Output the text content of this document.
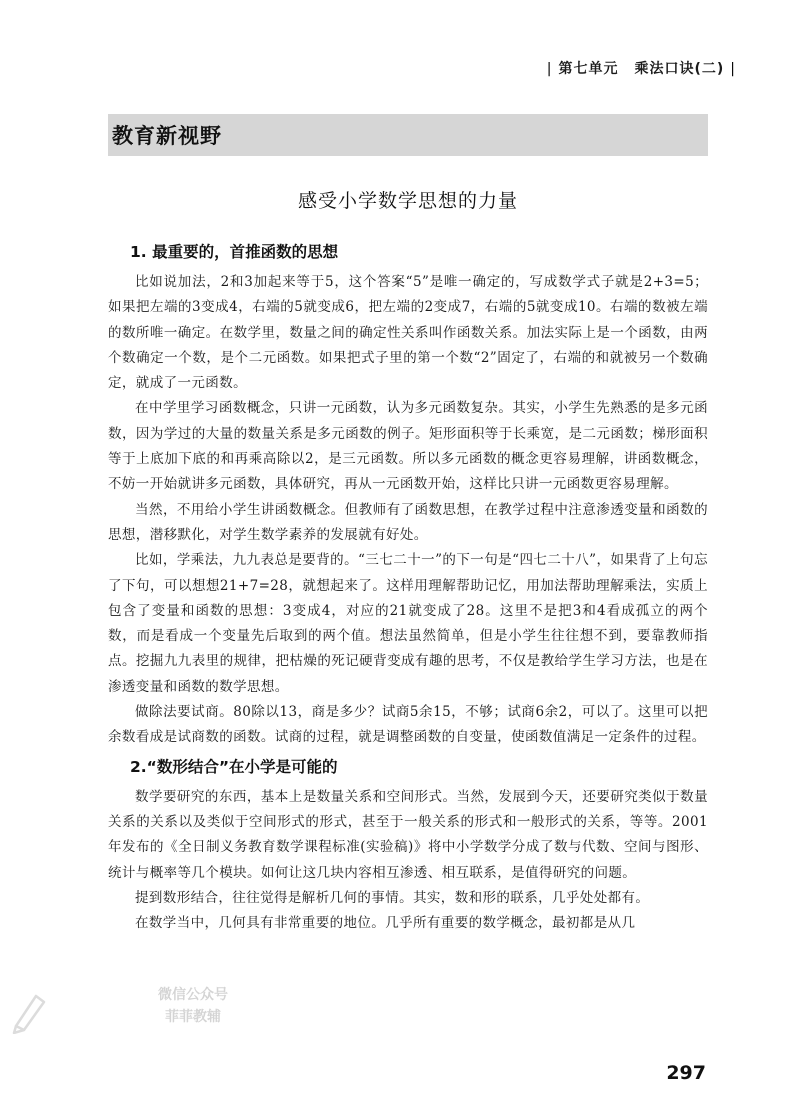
| 第七单元 乘法口诀(二) |
教育新视野
感受小学数学思想的力量
1. 最重要的，首推函数的思想

比如说加法，2和3加起来等于5，这个答案“5”是唯一确定的，写成数学式子就是2+3=5；如果把左端的3变成4，右端的5就变成6，把左端的2变成7，右端的5就变成10。右端的数被左端的数所唯一确定。在数学里，数量之间的确定性关系叫作函数关系。加法实际上是一个函数，由两个数确定一个数，是个二元函数。如果把式子里的第一个数“2”固定了，右端的和就被另一个数确定，就成了一元函数。

在中学里学习函数概念，只讲一元函数，认为多元函数复杂。其实，小学生先熟悉的是多元函数，因为学过的大量的数量关系是多元函数的例子。矩形面积等于长乘宽，是二元函数；梯形面积等于上底加下底的和再乘高除以2，是三元函数。所以多元函数的概念更容易理解，讲函数概念，不妨一开始就讲多元函数，具体研究，再从一元函数开始，这样比只讲一元函数更容易理解。

当然，不用给小学生讲函数概念。但教师有了函数思想，在教学过程中注意渗透变量和函数的思想，潜移默化，对学生数学素养的发展就有好处。

比如，学乘法，九九表总是要背的。“三七二十一”的下一句是“四七二十八”，如果背了上句忘了下句，可以想想21+7=28，就想起来了。这样用理解帮助记忆，用加法帮助理解乘法，实质上包含了变量和函数的思想：3变成4，对应的21就变成了28。这里不是把3和4看成孤立的两个数，而是看成一个变量先后取到的两个值。想法虽然简单，但是小学生往往想不到，要靠教师指点。挖掘九九表里的规律，把枯燥的死记硬背变成有趣的思考，不仅是教给学生学习方法，也是在渗透变量和函数的数学思想。

做除法要试商。80除以13，商是多少？试商5余15，不够；试商6余2，可以了。这里可以把余数看成是试商数的函数。试商的过程，就是调整函数的自变量，使函数值满足一定条件的过程。

2.“数形结合”在小学是可能的

数学要研究的东西，基本上是数量关系和空间形式。当然，发展到今天，还要研究类似于数量关系的关系以及类似于空间形式的形式，甚至于一般关系的形式和一般形式的关系，等等。2001年发布的《全日制义务教育数学课程标准(实验稿)》将中小学数学分成了数与代数、空间与图形、统计与概率等几个模块。如何让这几块内容相互渗透、相互联系，是值得研究的问题。

提到数形结合，往往觉得是解析几何的事情。其实，数和形的联系，几乎处处都有。

在数学当中，几何具有非常重要的地位。几乎所有重要的数学概念，最初都是从几

微信公众号
菲菲教辅
297
